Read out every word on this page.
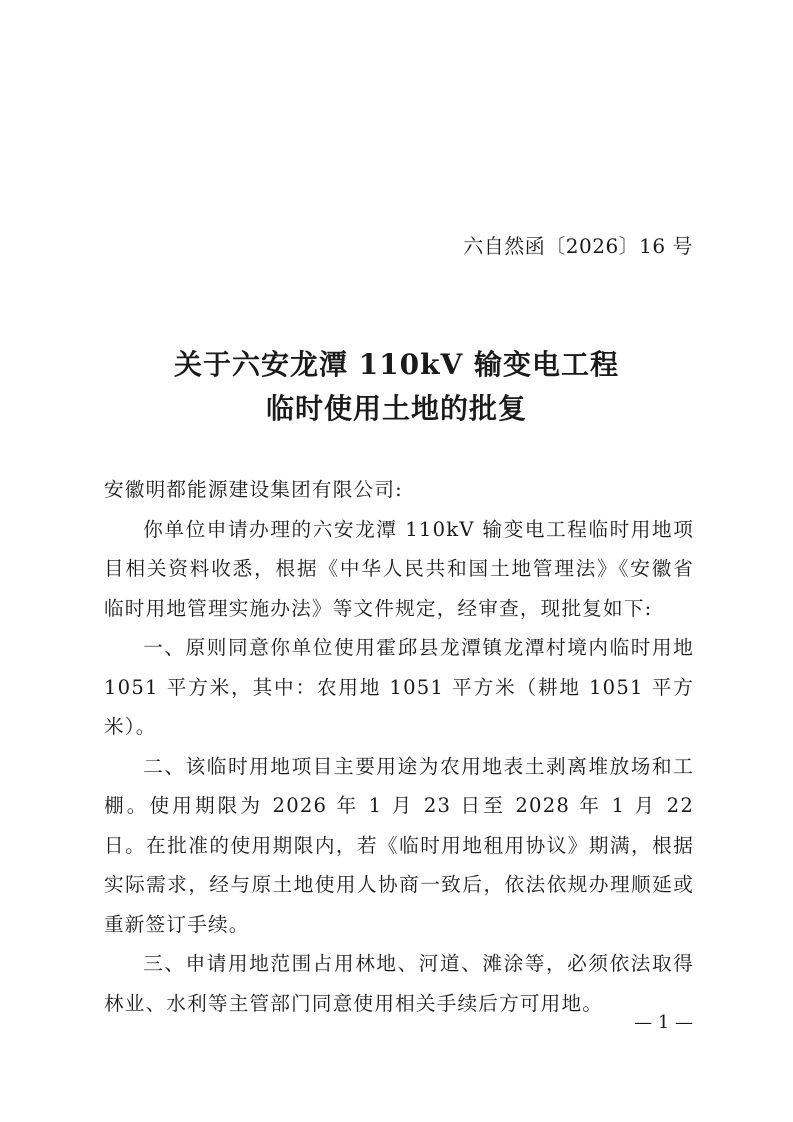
六自然函〔2026〕16 号
关于六安龙潭 110kV 输变电工程
临时使用土地的批复

安徽明都能源建设集团有限公司:

你单位申请办理的六安龙潭 110kV 输变电工程临时用地项目相关资料收悉，根据《中华人民共和国土地管理法》《安徽省临时用地管理实施办法》等文件规定，经审查，现批复如下:

一、原则同意你单位使用霍邱县龙潭镇龙潭村境内临时用地 1051 平方米，其中：农用地 1051 平方米（耕地 1051 平方米）。

二、该临时用地项目主要用途为农用地表土剥离堆放场和工棚。使用期限为 2026 年 1 月 23 日至 2028 年 1 月 22 日。在批准的使用期限内，若《临时用地租用协议》期满，根据实际需求，经与原土地使用人协商一致后，依法依规办理顺延或重新签订手续。

三、申请用地范围占用林地、河道、滩涂等，必须依法取得林业、水利等主管部门同意使用相关手续后方可用地。

— 1 —
